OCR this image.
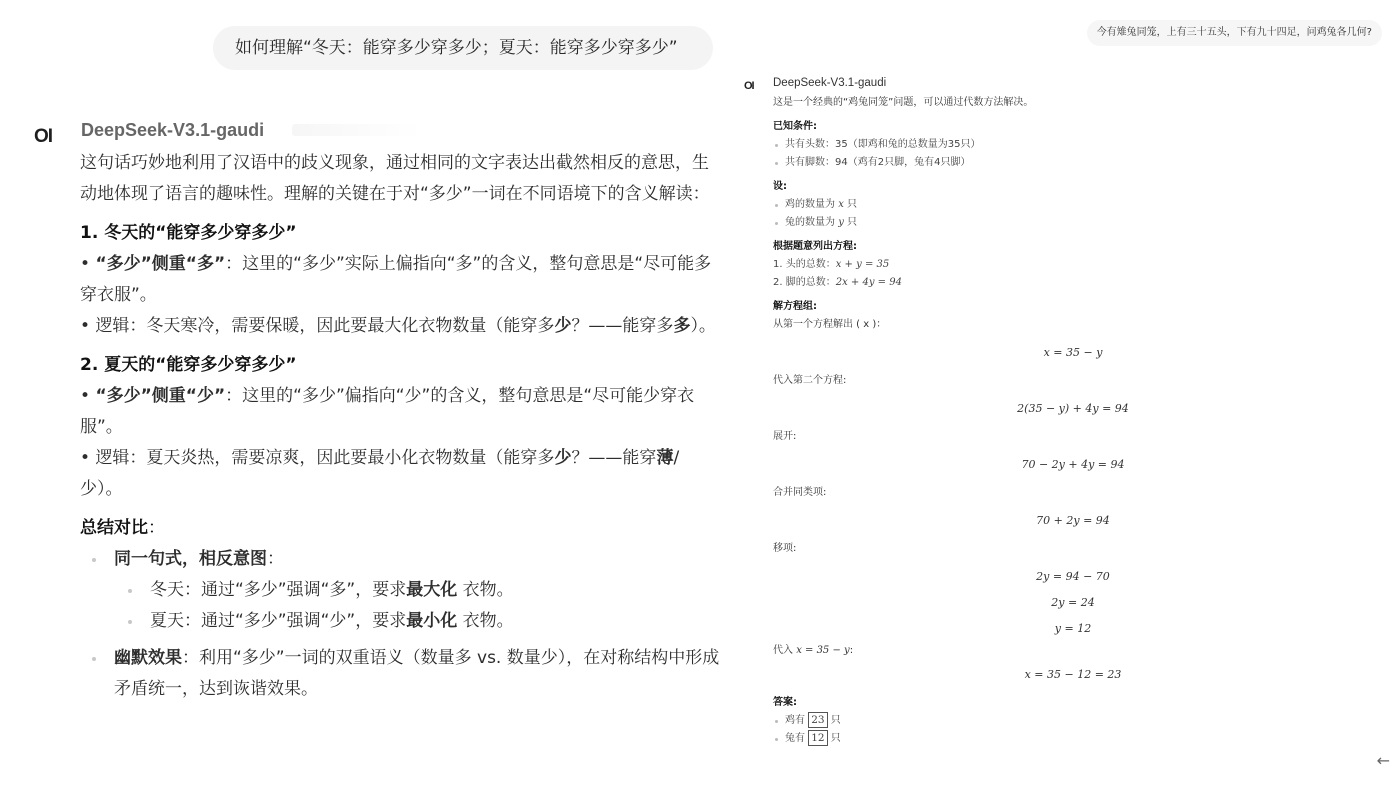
如何理解“冬天：能穿多少穿多少；夏天：能穿多少穿多少”
OI DeepSeek-V3.1-gaudi

这句话巧妙地利用了汉语中的歧义现象，通过相同的文字表达出截然相反的意思，生动地体现了语言的趣味性。理解的关键在于对“多少”一词在不同语境下的含义解读：

1. 冬天的“能穿多少穿多少”

• “多少”侧重“多”：这里的“多少”实际上偏指向“多”的含义，整句意思是“尽可能多穿衣服”。

• 逻辑：冬天寒冷，需要保暖，因此要最大化衣物数量（能穿多少？——能穿多多）。

2. 夏天的“能穿多少穿多少”

• “多少”侧重“少”：这里的“多少”偏指向“少”的含义，整句意思是“尽可能少穿衣服”。

• 逻辑：夏天炎热，需要凉爽，因此要最小化衣物数量（能穿多少？——能穿薄/少）。

总结对比：

同一句式，相反意图：

冬天：通过“多少”强调“多”，要求最大化 衣物。

夏天：通过“多少”强调“少”，要求最小化 衣物。

幽默效果：利用“多少”一词的双重语义（数量多 vs. 数量少），在对称结构中形成矛盾统一，达到诙谐效果。

今有雉兔同笼，上有三十五头，下有九十四足，问鸡兔各几何?
OI DeepSeek-V3.1-gaudi
这是一个经典的“鸡兔同笼”问题，可以通过代数方法解决。
已知条件:
共有头数：35（即鸡和兔的总数量为35只）
共有脚数：94（鸡有2只脚，兔有4只脚）
设:
鸡的数量为 x 只
兔的数量为 y 只
根据题意列出方程:
1. 头的总数：x + y = 35
2. 脚的总数：2x + 4y = 94
解方程组:
从第一个方程解出 ( x )：
x = 35 − y
代入第二个方程:
2(35 − y) + 4y = 94
展开:
70 − 2y + 4y = 94
合并同类项:
70 + 2y = 94
移项:
2y = 94 − 70
2y = 24
y = 12
代入 x = 35 − y:
x = 35 − 12 = 23
答案:
鸡有 23 只
兔有 12 只
←
